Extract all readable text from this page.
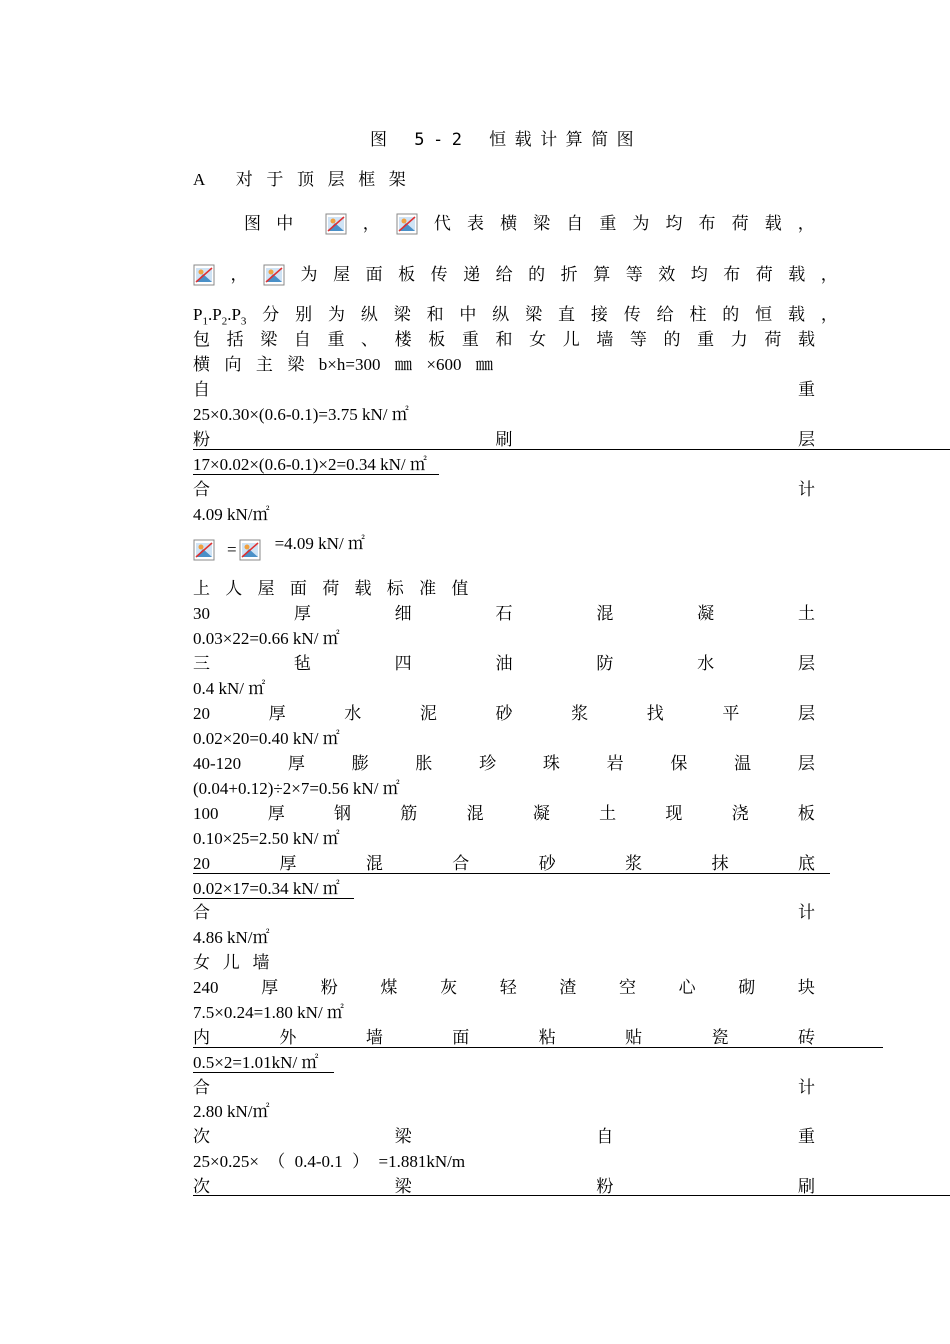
图 5-2 恒载计算简图
A 对于顶层框架
图中	，	代 表 横 梁 自 重 为 均 布 荷 载 ，
，	为 屋 面 板 传 递 给 的 折 算 等 效 均 布 荷 载 ，
$P_1.P_2.P_3$ 分 别 为 纵 梁 和 中 纵 梁 直 接 传 给 柱 的 恒 载 ，
包 括 梁 自 重 、 楼 板 重 和 女 儿 墙 等 的 重 力 荷 载
横 向 主 梁 b×h=300 ㎜ ×600 ㎜
自	重
25×0.30×(0.6-0.1)=3.75 kN/ ㎡
粉	刷	层
17×0.02×(0.6-0.1)×2=0.34 kN/ ㎡
合	计
4.09 kN/㎡
= =4.09 kN/ ㎡
上人屋面荷载标准值
30	厚	细	石	混	凝	土
0.03×22=0.66 kN/ ㎡
三	毡	四	油	防	水	层
0.4 kN/ ㎡
20	厚	水	泥	砂	浆	找	平	层
0.02×20=0.40 kN/ ㎡
40-120	厚	膨	胀	珍	珠	岩	保	温	层
(0.04+0.12)÷2×7=0.56 kN/ ㎡
100	厚	钢	筋	混	凝	土	现	浇	板
0.10×25=2.50 kN/ ㎡
20	厚	混	合	砂	浆	抹	底
0.02×17=0.34 kN/ ㎡
合	计
4.86 kN/㎡
女 儿 墙
240	厚	粉	煤	灰	轻	渣	空	心	砌	块
7.5×0.24=1.80 kN/ ㎡
内	外	墙	面	粘	贴	瓷	砖
0.5×2=1.01kN/ ㎡
合	计
2.80 kN/㎡
次	梁	自	重
25×0.25× （ 0.4-0.1 ） =1.881kN/m
次	梁	粉	刷
